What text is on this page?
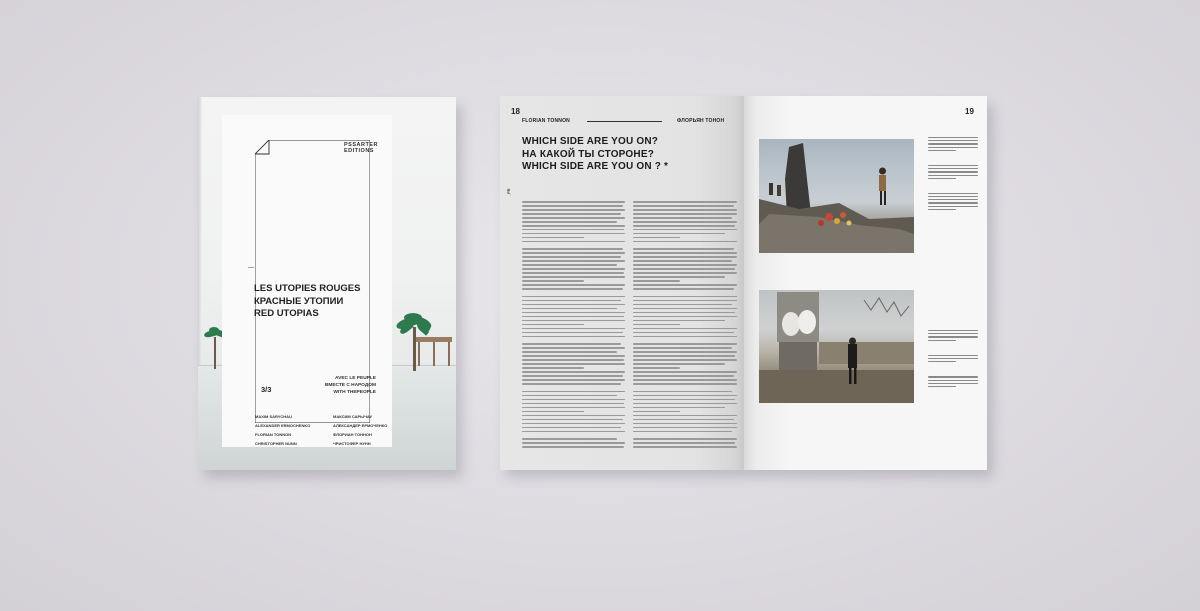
PSSARTER
EDITIONS
LES UTOPIES ROUGES
КРАСНЫЕ УТОПИИ
RED UTOPIAS
3/3
AVEC LE PEUPLE
ВМЕСТЕ С НАРОДОМ
WITH THEPEOPLE
MAXIM SARYCHAU
ALEXANDER ERMOCHENKO
FLORIAN TONNON
CHRISTOPHER NUNN
МАКСИМ САРЫЧАУ
АЛЕКСАНДЕР ЕРМОЧЕНКО
ФЛОРИАН ТОННОН
ЧРИСТОФЕР НУНН
18	19
FLORIAN TONNON	ФЛОРЬЯН ТОНОН
WHICH SIDE ARE YOU ON?
НА КАКОЙ ТЫ СТОРОНЕ?
WHICH SIDE ARE YOU ON ? *
_FR
